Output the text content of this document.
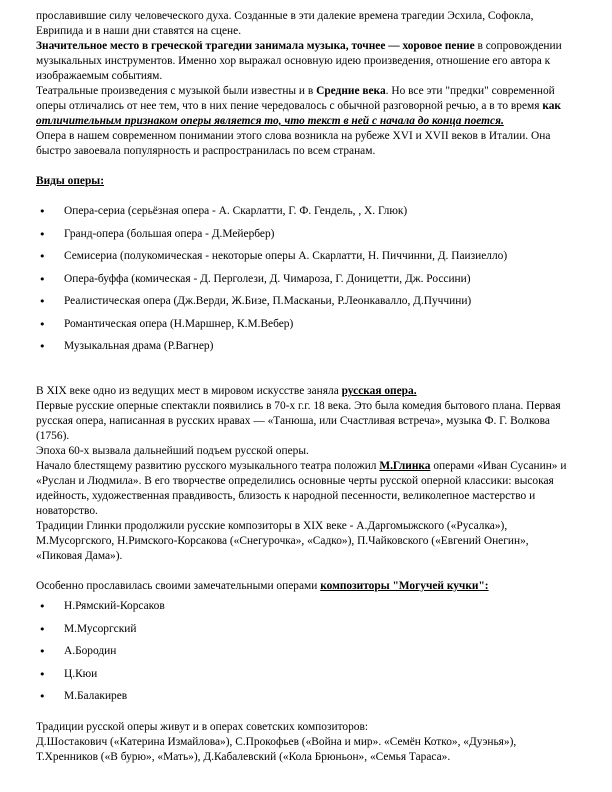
прославившие силу человеческого духа. Созданные в эти далекие времена трагедии Эсхила, Софокла, Еврипида и в наши дни ставятся на сцене.

Значительное место в греческой трагедии занимала музыка, точнее — хоровое пение в сопровождении музыкальных инструментов. Именно хор выражал основную идею произведения, отношение его автора к изображаемым событиям.

Театральные произведения с музыкой были известны и в Средние века. Но все эти "предки" современной оперы отличались от нее тем, что в них пение чередовалось с обычной разговорной речью, а в то время как отличительным признаком оперы является то, что текст в ней с начала до конца поется.

Опера в нашем современном понимании этого слова возникла на рубеже XVI и XVII веков в Италии. Она быстро завоевала популярность и распространилась по всем странам.

Виды оперы:

• Опера-сериа (серьёзная опера - А. Скарлатти, Г. Ф. Гендель, , Х. Глюк)
• Гранд-опера (большая опера - Д.Мейербер)
• Семисериа (полукомическая - некоторые оперы А. Скарлатти, Н. Пиччинни, Д. Паизиелло)
• Опера-буффа (комическая - Д. Перголези, Д. Чимароза, Г. Доницетти, Дж. Россини)
• Реалистическая опера (Дж.Верди, Ж.Бизе, П.Масканьи, Р.Леонкавалло, Д.Пуччини)
• Романтическая опера (Н.Маршнер, К.М.Вебер)
• Музыкальная драма (Р.Вагнер)

В XIX веке одно из ведущих мест в мировом искусстве заняла русская опера.

Первые русские оперные спектакли появились в 70-х г.г. 18 века. Это была комедия бытового плана. Первая русская опера, написанная в русских нравах — «Танюша, или Счастливая встреча», музыка Ф. Г. Волкова (1756).

Эпоха 60-х вызвала дальнейший подъем русской оперы.

Начало блестящему развитию русского музыкального театра положил М.Глинка операми «Иван Сусанин» и «Руслан и Людмила». В его творчестве определились основные черты русской оперной классики: высокая идейность, художественная правдивость, близость к народной песенности, великолепное мастерство и новаторство.

Традиции Глинки продолжили русские композиторы в XIX веке - А.Даргомыжского («Русалка»), М.Мусоргского, Н.Римского-Корсакова («Снегурочка», «Садко»), П.Чайковского («Евгений Онегин», «Пиковая Дама»).

Особенно прославилась своими замечательными операми композиторы "Могучей кучки":

• Н.Рямский-Корсаков
• М.Мусоргский
• А.Бородин
• Ц.Кюи
• М.Балакирев

Традиции русской оперы живут и в операх советских композиторов:

Д.Шостакович («Катерина Измайлова»), С.Прокофьев («Война и мир». «Семён Котко», «Дуэнья»), Т.Хренников («В бурю», «Мать»), Д.Кабалевский («Кола Брюньон», «Семья Тараса».
